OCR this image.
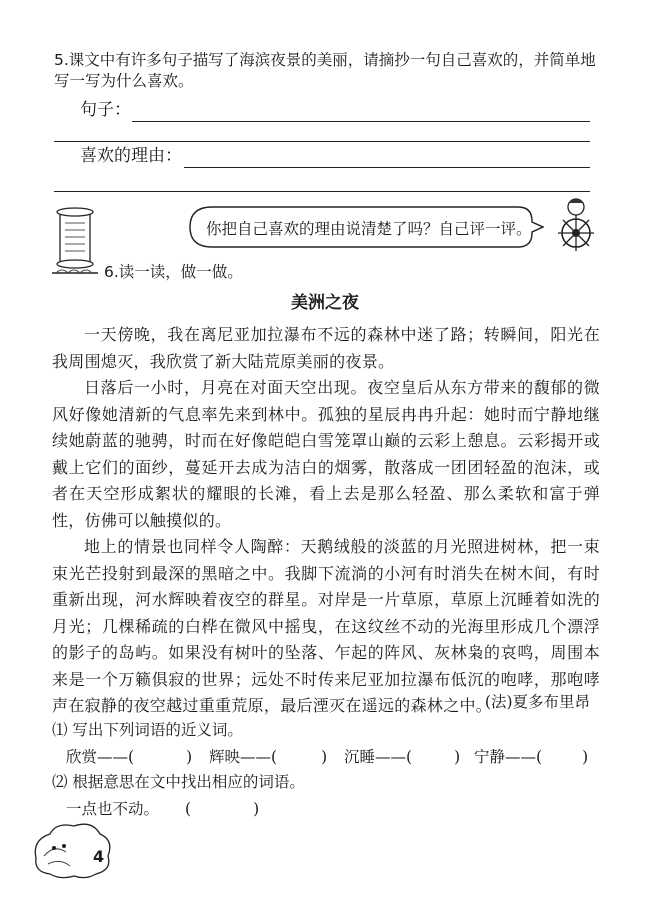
5.课文中有许多句子描写了海滨夜景的美丽，请摘抄一句自己喜欢的，并简单地写一写为什么喜欢。
句子：
喜欢的理由：
你把自己喜欢的理由说清楚了吗？自己评一评。
6.读一读，做一做。
美洲之夜

一天傍晚，我在离尼亚加拉瀑布不远的森林中迷了路；转瞬间，阳光在我周围熄灭，我欣赏了新大陆荒原美丽的夜景。

日落后一小时，月亮在对面天空出现。夜空皇后从东方带来的馥郁的微风好像她清新的气息率先来到林中。孤独的星辰冉冉升起：她时而宁静地继续她蔚蓝的驰骋，时而在好像皑皑白雪笼罩山巅的云彩上憩息。云彩揭开或戴上它们的面纱，蔓延开去成为洁白的烟雾，散落成一团团轻盈的泡沫，或者在天空形成絮状的耀眼的长滩，看上去是那么轻盈、那么柔软和富于弹性，仿佛可以触摸似的。

地上的情景也同样令人陶醉：天鹅绒般的淡蓝的月光照进树林，把一束束光芒投射到最深的黑暗之中。我脚下流淌的小河有时消失在树木间，有时重新出现，河水辉映着夜空的群星。对岸是一片草原，草原上沉睡着如洗的月光；几棵稀疏的白桦在微风中摇曳，在这纹丝不动的光海里形成几个漂浮的影子的岛屿。如果没有树叶的坠落、乍起的阵风、灰林枭的哀鸣，周围本来是一个万籁俱寂的世界；远处不时传来尼亚加拉瀑布低沉的咆哮，那咆哮声在寂静的夜空越过重重荒原，最后湮灭在遥远的森林之中。

(法)夏多布里昂
⑴ 写出下列词语的近义词。
欣赏——(	) 辉映——(	) 沉睡——(	) 宁静——(	)
⑵ 根据意思在文中找出相应的词语。
一点也不动。 (	)
4
